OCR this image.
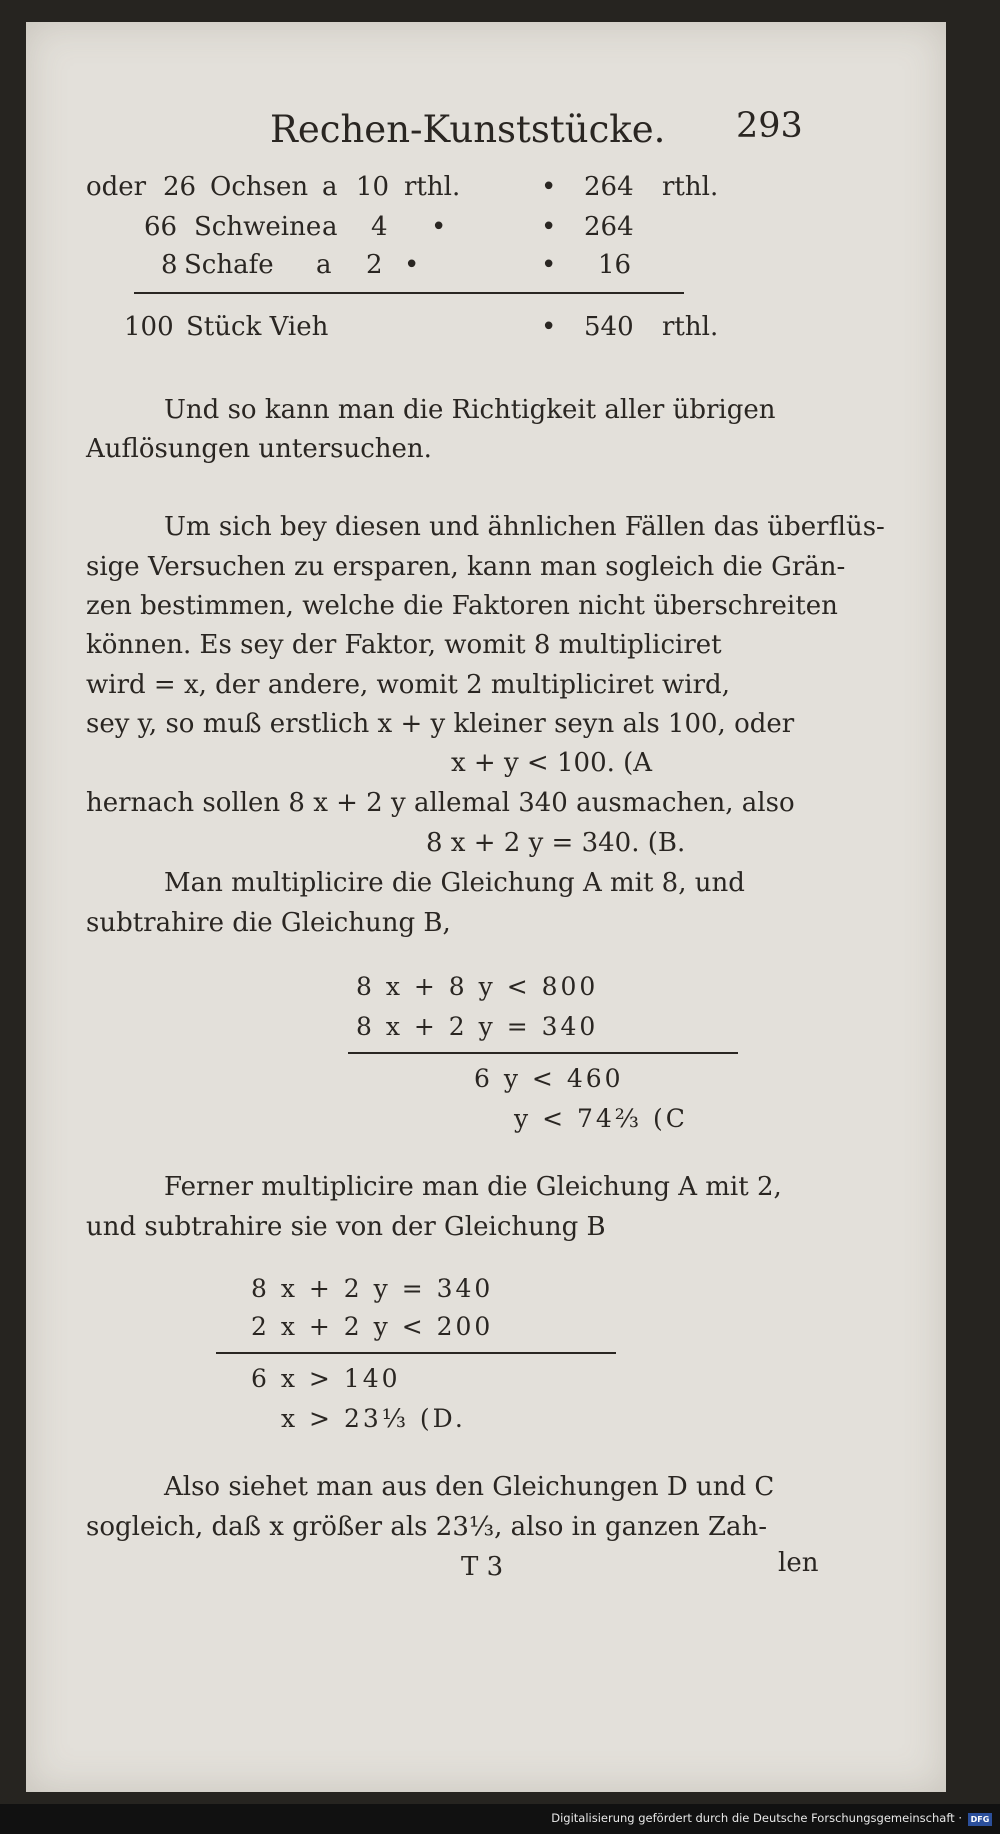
Rechen-Kunststücke. 293
oder 26 Ochsen a 10 rthl.	• 264 rthl.
66 Schweine a 4 •	• 264
8 Schafe a 2 •	• 16
100 Stück Vieh	• 540 rthl.
Und so kann man die Richtigkeit aller übrigen
Auflösungen untersuchen.
Um sich bey diesen und ähnlichen Fällen das überflüs-
sige Versuchen zu ersparen, kann man sogleich die Grän-
zen bestimmen, welche die Faktoren nicht überschreiten
können. Es sey der Faktor, womit 8 multipliciret
wird = x, der andere, womit 2 multipliciret wird,
sey y, so muß erstlich x + y kleiner seyn als 100, oder
x + y < 100. (A
hernach sollen 8 x + 2 y allemal 340 ausmachen, also
8 x + 2 y = 340. (B.
Man multiplicire die Gleichung A mit 8, und
subtrahire die Gleichung B,
8 x + 8 y < 800
8 x + 2 y = 340
6 y < 460
y < 74⅔ (C
Ferner multiplicire man die Gleichung A mit 2,
und subtrahire sie von der Gleichung B
8 x + 2 y = 340
2 x + 2 y < 200
6 x > 140
x > 23⅓ (D.
Also siehet man aus den Gleichungen D und C
sogleich, daß x größer als 23⅓, also in ganzen Zah-
T 3	len
Digitalisierung gefördert durch die Deutsche Forschungsgemeinschaft ·	DFG
